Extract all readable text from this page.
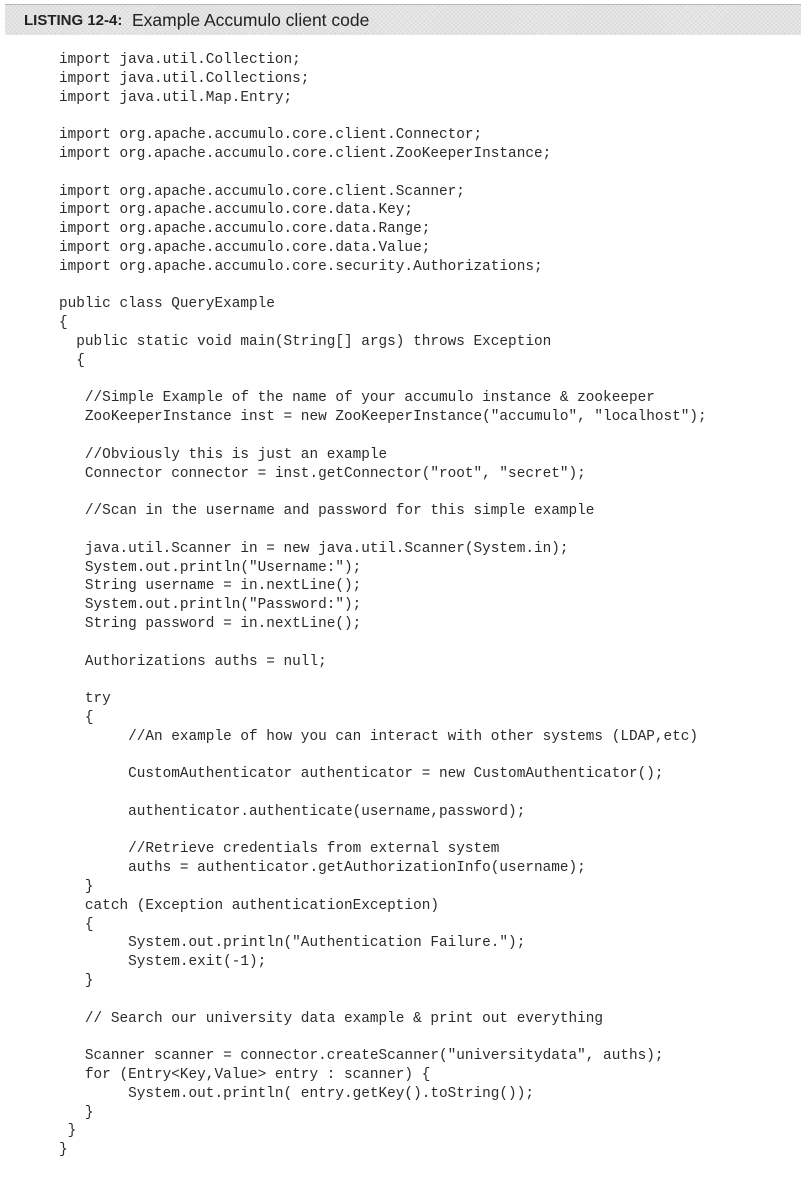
LISTING 12-4: Example Accumulo client code
import java.util.Collection;
import java.util.Collections;
import java.util.Map.Entry;
import org.apache.accumulo.core.client.Connector;
import org.apache.accumulo.core.client.ZooKeeperInstance;
import org.apache.accumulo.core.client.Scanner;
import org.apache.accumulo.core.data.Key;
import org.apache.accumulo.core.data.Range;
import org.apache.accumulo.core.data.Value;
import org.apache.accumulo.core.security.Authorizations;
public class QueryExample
{
public static void main(String[] args) throws Exception
{
//Simple Example of the name of your accumulo instance & zookeeper
ZooKeeperInstance inst = new ZooKeeperInstance("accumulo", "localhost");
//Obviously this is just an example
Connector connector = inst.getConnector("root", "secret");
//Scan in the username and password for this simple example
java.util.Scanner in = new java.util.Scanner(System.in);
System.out.println("Username:");
String username = in.nextLine();
System.out.println("Password:");
String password = in.nextLine();
Authorizations auths = null;
try
{
//An example of how you can interact with other systems (LDAP,etc)
CustomAuthenticator authenticator = new CustomAuthenticator();
authenticator.authenticate(username,password);
//Retrieve credentials from external system
auths = authenticator.getAuthorizationInfo(username);
}
catch (Exception authenticationException)
{
System.out.println("Authentication Failure.");
System.exit(-1);
}
// Search our university data example & print out everything
Scanner scanner = connector.createScanner("universitydata", auths);
for (Entry<Key,Value> entry : scanner) {
System.out.println( entry.getKey().toString());
}
}
}
